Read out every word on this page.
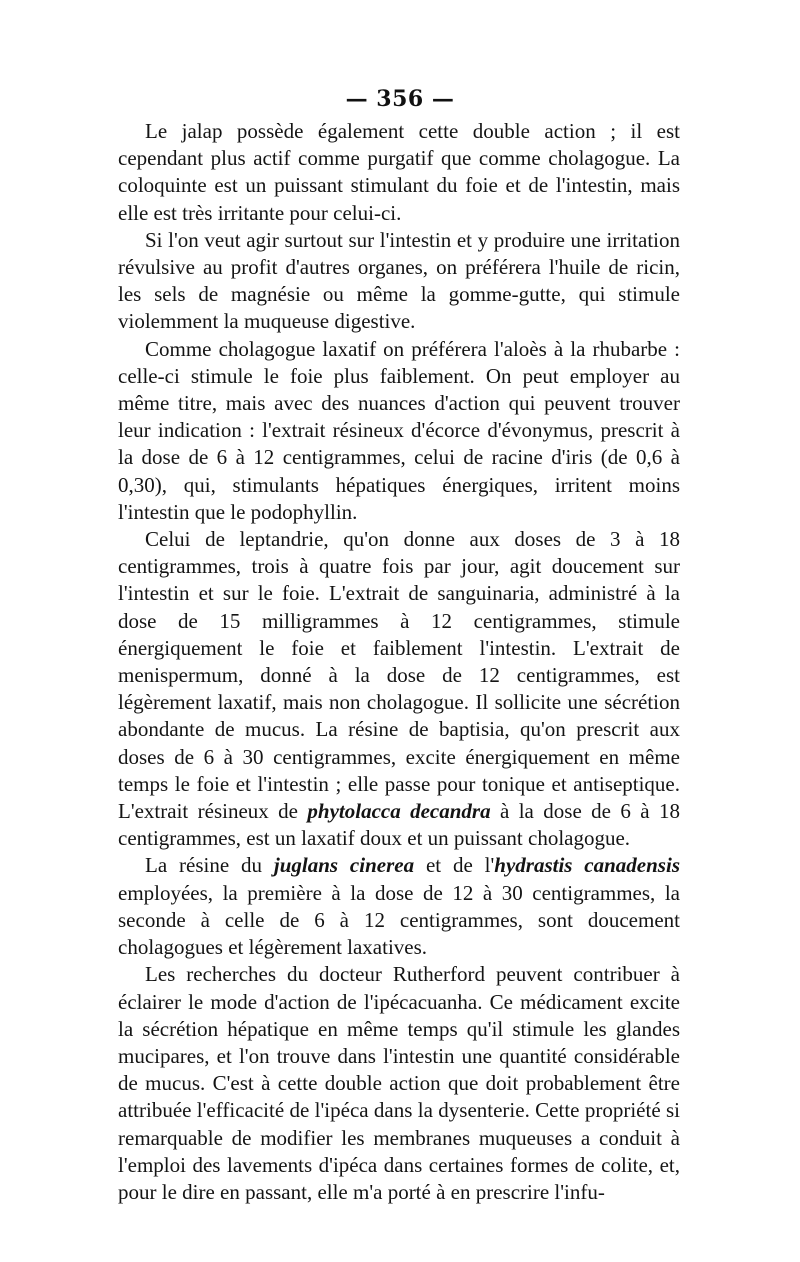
— 356 —

Le jalap possède également cette double action ; il est cependant plus actif comme purgatif que comme cholagogue. La coloquinte est un puissant stimulant du foie et de l'intestin, mais elle est très irritante pour celui-ci.

Si l'on veut agir surtout sur l'intestin et y produire une irritation révulsive au profit d'autres organes, on préférera l'huile de ricin, les sels de magnésie ou même la gomme-gutte, qui stimule violemment la muqueuse digestive.

Comme cholagogue laxatif on préférera l'aloès à la rhubarbe : celle-ci stimule le foie plus faiblement. On peut employer au même titre, mais avec des nuances d'action qui peuvent trouver leur indication : l'extrait résineux d'écorce d'évonymus, prescrit à la dose de 6 à 12 centigrammes, celui de racine d'iris (de 0,6 à 0,30), qui, stimulants hépatiques énergiques, irritent moins l'intestin que le podophyllin.

Celui de leptandrie, qu'on donne aux doses de 3 à 18 centigrammes, trois à quatre fois par jour, agit doucement sur l'intestin et sur le foie. L'extrait de sanguinaria, administré à la dose de 15 milligrammes à 12 centigrammes, stimule énergiquement le foie et faiblement l'intestin. L'extrait de menispermum, donné à la dose de 12 centigrammes, est légèrement laxatif, mais non cholagogue. Il sollicite une sécrétion abondante de mucus. La résine de baptisia, qu'on prescrit aux doses de 6 à 30 centigrammes, excite énergiquement en même temps le foie et l'intestin ; elle passe pour tonique et antiseptique. L'extrait résineux de phytolacca decandra à la dose de 6 à 18 centigrammes, est un laxatif doux et un puissant cholagogue.

La résine du juglans cinerea et de l'hydrastis canadensis employées, la première à la dose de 12 à 30 centigrammes, la seconde à celle de 6 à 12 centigrammes, sont doucement cholagogues et légèrement laxatives.

Les recherches du docteur Rutherford peuvent contribuer à éclairer le mode d'action de l'ipécacuanha. Ce médicament excite la sécrétion hépatique en même temps qu'il stimule les glandes mucipares, et l'on trouve dans l'intestin une quantité considérable de mucus. C'est à cette double action que doit probablement être attribuée l'efficacité de l'ipéca dans la dysenterie. Cette propriété si remarquable de modifier les membranes muqueuses a conduit à l'emploi des lavements d'ipéca dans certaines formes de colite, et, pour le dire en passant, elle m'a porté à en prescrire l'infu-
